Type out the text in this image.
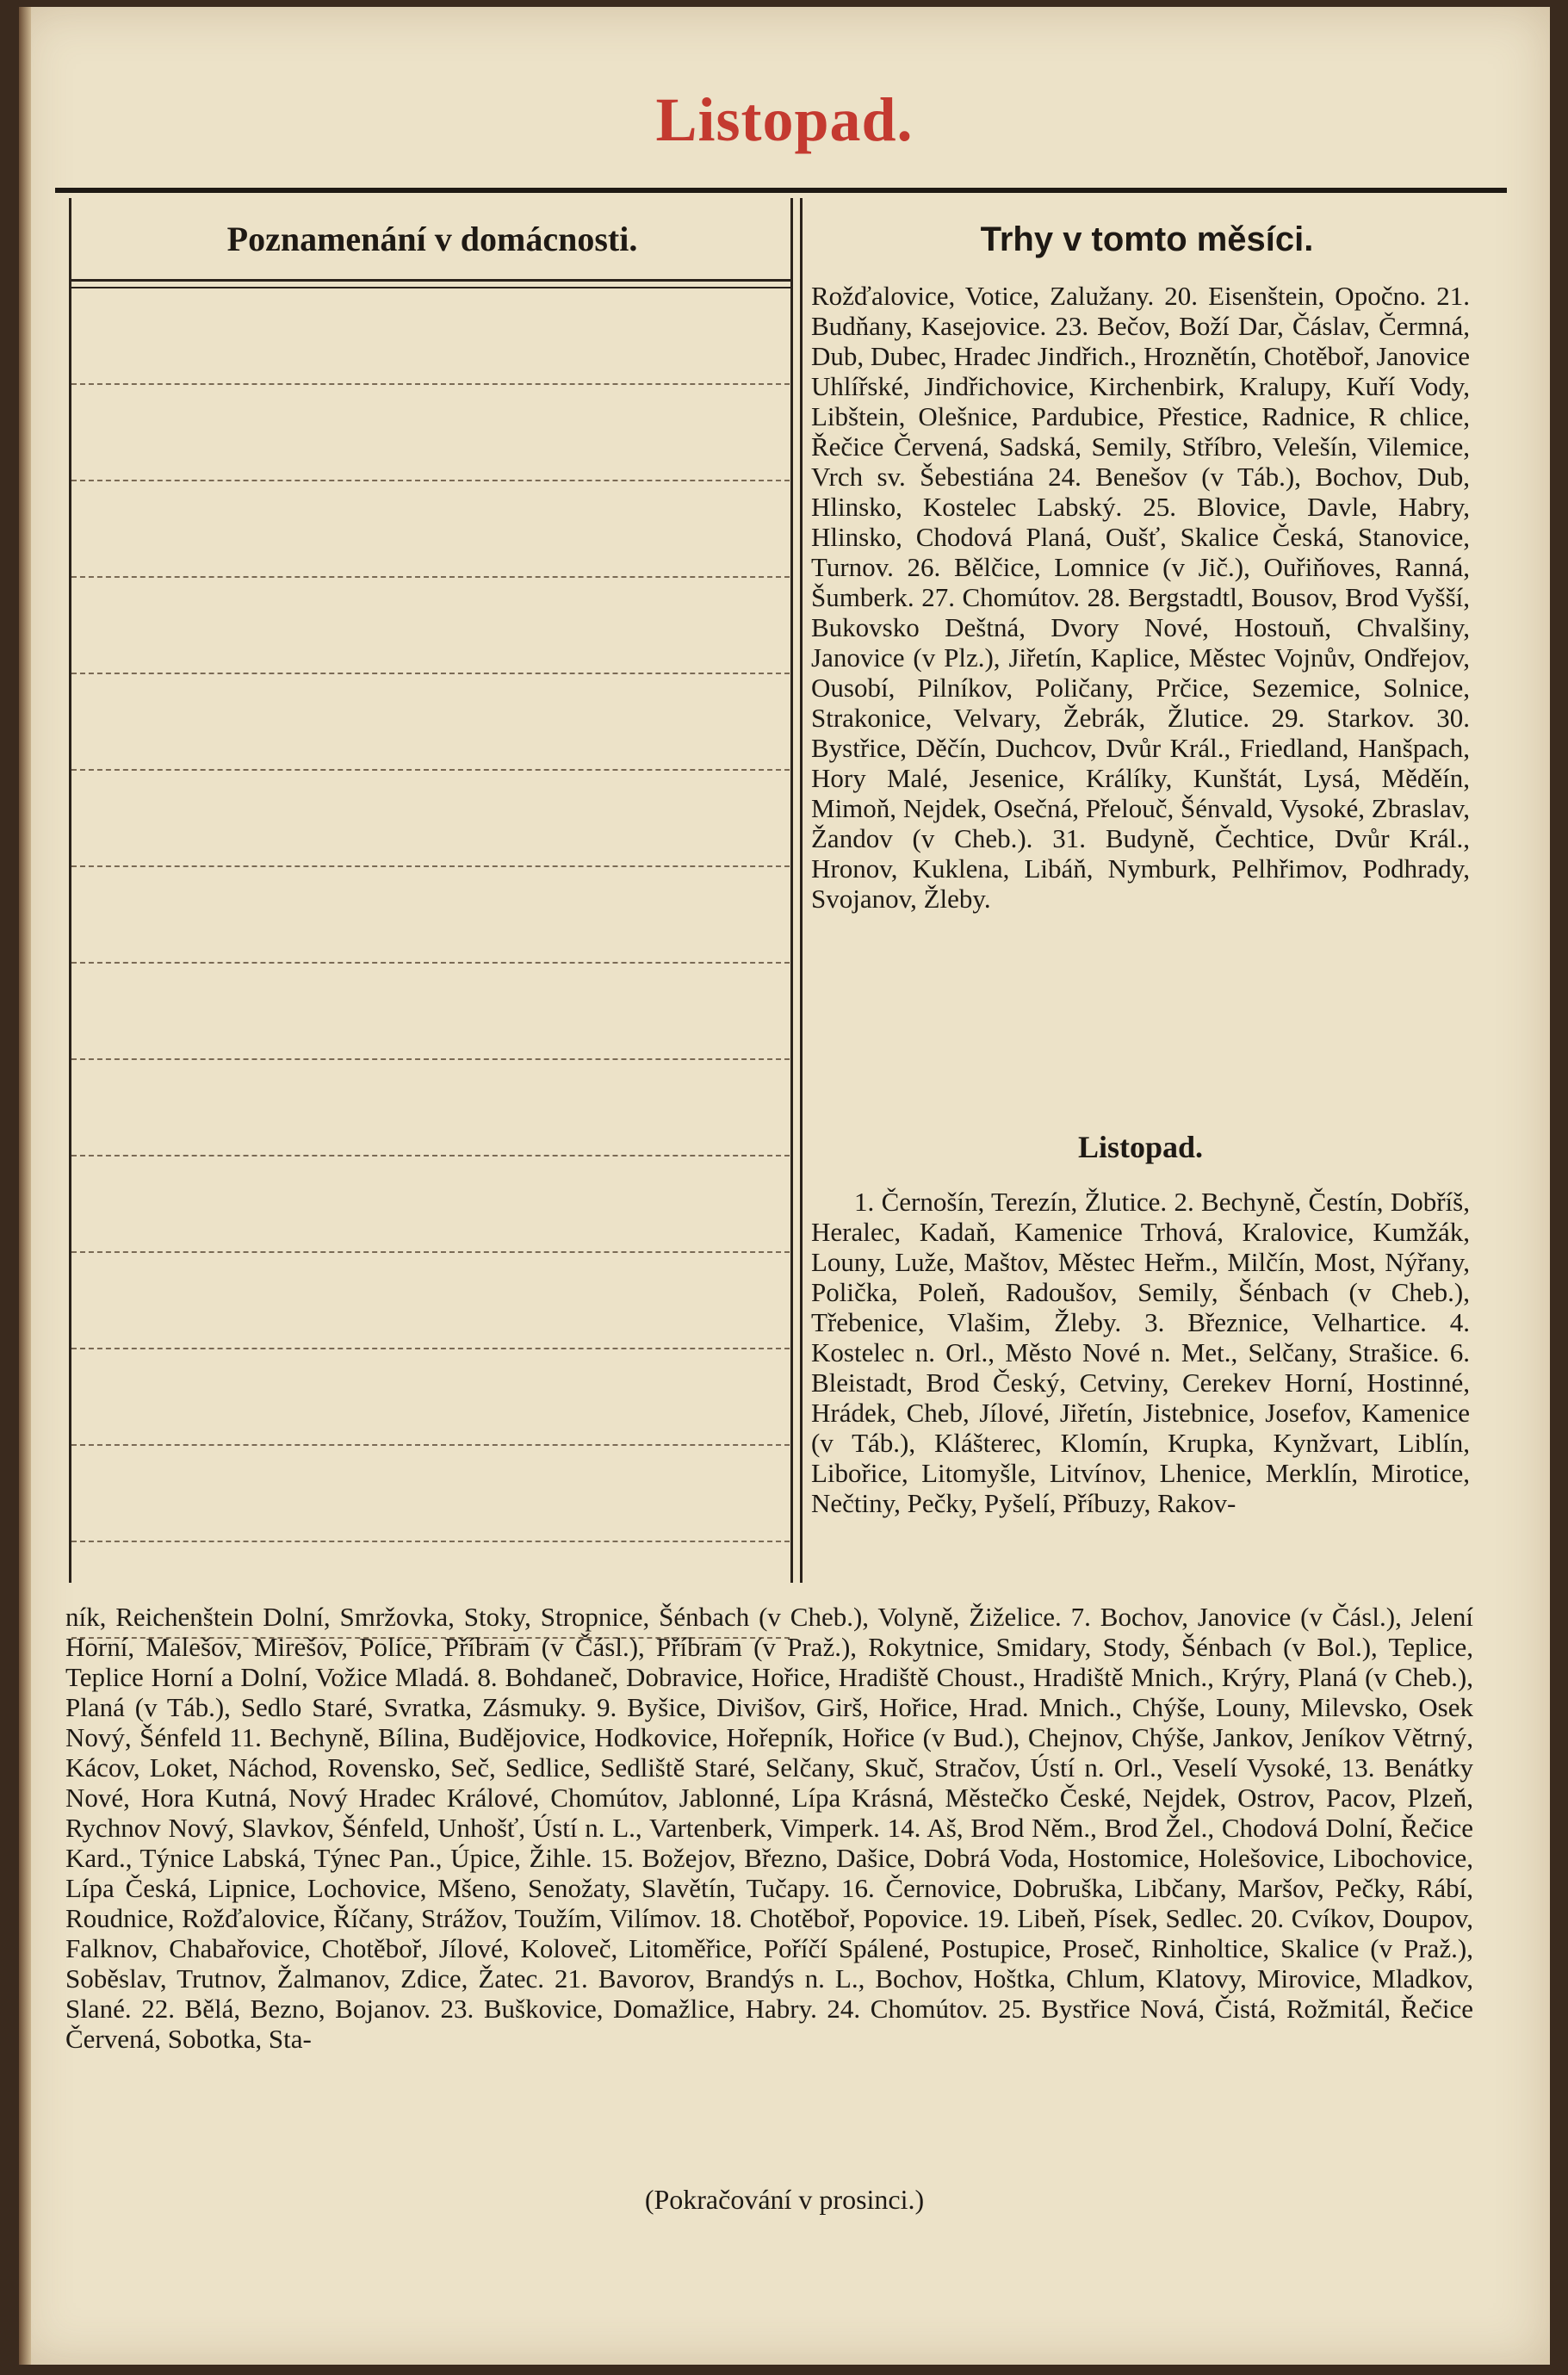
Listopad.
Poznamenání v domácnosti.	Trhy v tomto měsíci.
Rožďalovice, Votice, Zalužany. 20. Eisenštein, Opočno. 21. Budňany, Kasejovice. 23. Bečov, Boží Dar, Čáslav, Čermná, Dub, Dubec, Hradec Jindřich., Hroznětín, Chotěboř, Janovice Uhlířské, Jindřichovice, Kirchenbirk, Kralupy, Kuří Vody, Libštein, Olešnice, Pardubice, Přestice, Radnice, R chlice, Řečice Červená, Sadská, Semily, Stříbro, Velešín, Vilemice, Vrch sv. Šebestiána 24. Benešov (v Táb.), Bochov, Dub, Hlinsko, Kostelec Labský. 25. Blovice, Davle, Habry, Hlinsko, Chodová Planá, Oušť, Skalice Česká, Stanovice, Turnov. 26. Bělčice, Lomnice (v Jič.), Ouřiňoves, Ranná, Šumberk. 27. Chomútov. 28. Bergstadtl, Bousov, Brod Vyšší, Bukovsko Deštná, Dvory Nové, Hostouň, Chvalšiny, Janovice (v Plz.), Jiřetín, Kaplice, Městec Vojnův, Ondřejov, Ousobí, Pilníkov, Poličany, Prčice, Sezemice, Solnice, Strakonice, Velvary, Žebrák, Žlutice. 29. Starkov. 30. Bystřice, Děčín, Duchcov, Dvůr Král., Friedland, Hanšpach, Hory Malé, Jesenice, Králíky, Kunštát, Lysá, Měděín, Mimoň, Nejdek, Osečná, Přelouč, Šénvald, Vysoké, Zbraslav, Žandov (v Cheb.). 31. Budyně, Čechtice, Dvůr Král., Hronov, Kuklena, Libáň, Nymburk, Pelhřimov, Podhrady, Svojanov, Žleby.
Listopad.
1. Černošín, Terezín, Žlutice. 2. Bechyně, Čestín, Dobříš, Heralec, Kadaň, Kamenice Trhová, Kralovice, Kumžák, Louny, Luže, Maštov, Městec Heřm., Milčín, Most, Nýřany, Polička, Poleň, Radoušov, Semily, Šénbach (v Cheb.), Třebenice, Vlašim, Žleby. 3. Březnice, Velhartice. 4. Kostelec n. Orl., Město Nové n. Met., Selčany, Strašice. 6. Bleistadt, Brod Český, Cetviny, Cerekev Horní, Hostinné, Hrádek, Cheb, Jílové, Jiřetín, Jistebnice, Josefov, Kamenice (v Táb.), Klášterec, Klomín, Krupka, Kynžvart, Liblín, Libořice, Litomyšle, Litvínov, Lhenice, Merklín, Mirotice, Nečtiny, Pečky, Pyšelí, Příbuzy, Rakov-
ník, Reichenštein Dolní, Smržovka, Stoky, Stropnice, Šénbach (v Cheb.), Volyně, Žiželice. 7. Bochov, Janovice (v Čásl.), Jelení Horní, Malešov, Mirešov, Police, Příbram (v Čásl.), Příbram (v Praž.), Rokytnice, Smidary, Stody, Šénbach (v Bol.), Teplice, Teplice Horní a Dolní, Vožice Mladá. 8. Bohdaneč, Dobravice, Hořice, Hradiště Choust., Hradiště Mnich., Krýry, Planá (v Cheb.), Planá (v Táb.), Sedlo Staré, Svratka, Zásmuky. 9. Byšice, Divišov, Girš, Hořice, Hrad. Mnich., Chýše, Louny, Milevsko, Osek Nový, Šénfeld 11. Bechyně, Bílina, Budějovice, Hodkovice, Hořepník, Hořice (v Bud.), Chejnov, Chýše, Jankov, Jeníkov Větrný, Kácov, Loket, Náchod, Rovensko, Seč, Sedlice, Sedliště Staré, Selčany, Skuč, Stračov, Ústí n. Orl., Veselí Vysoké, 13. Benátky Nové, Hora Kutná, Nový Hradec Králové, Chomútov, Jablonné, Lípa Krásná, Městečko České, Nejdek, Ostrov, Pacov, Plzeň, Rychnov Nový, Slavkov, Šénfeld, Unhošť, Ústí n. L., Vartenberk, Vimperk. 14. Aš, Brod Něm., Brod Žel., Chodová Dolní, Řečice Kard., Týnice Labská, Týnec Pan., Úpice, Žihle. 15. Božejov, Březno, Dašice, Dobrá Voda, Hostomice, Holešovice, Libochovice, Lípa Česká, Lipnice, Lochovice, Mšeno, Senožaty, Slavětín, Tučapy. 16. Černovice, Dobruška, Libčany, Maršov, Pečky, Rábí, Roudnice, Rožďalovice, Říčany, Strážov, Toužím, Vilímov. 18. Chotěboř, Popovice. 19. Libeň, Písek, Sedlec. 20. Cvíkov, Doupov, Falknov, Chabařovice, Chotěboř, Jílové, Koloveč, Litoměřice, Poříčí Spálené, Postupice, Proseč, Rinholtice, Skalice (v Praž.), Soběslav, Trutnov, Žalmanov, Zdice, Žatec. 21. Bavorov, Brandýs n. L., Bochov, Hoštka, Chlum, Klatovy, Mirovice, Mladkov, Slané. 22. Bělá, Bezno, Bojanov. 23. Buškovice, Domažlice, Habry. 24. Chomútov. 25. Bystřice Nová, Čistá, Rožmitál, Řečice Červená, Sobotka, Sta-
(Pokračování v prosinci.)
